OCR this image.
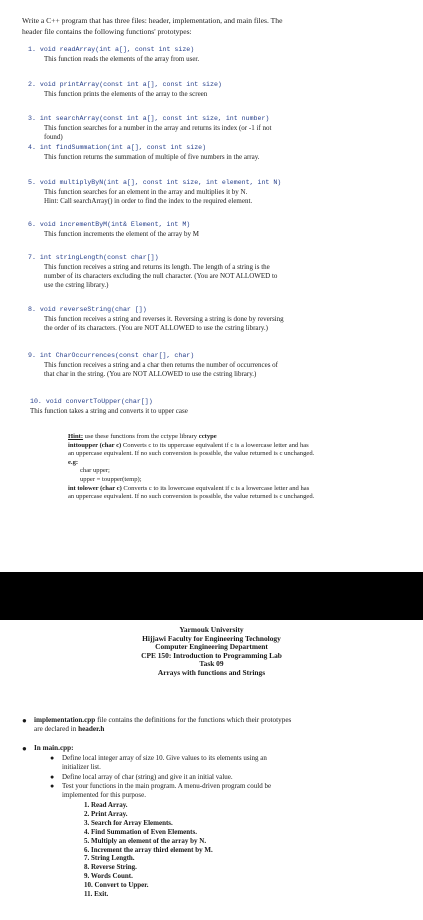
Write a C++ program that has three files: header, implementation, and main files. The
header file contains the following functions' prototypes:
1. void readArray(int a[], const int size)
This function reads the elements of the array from user.
2. void printArray(const int a[], const int size)
This function prints the elements of the array to the screen
3. int searchArray(const int a[], const int size, int number)
This function searches for a number in the array and returns its index (or -1 if not
found)
4. int findSummation(int a[], const int size)
This function returns the summation of multiple of five numbers in the array.
5. void multiplyByN(int a[], const int size, int element, int N)
This function searches for an element in the array and multiplies it by N.
Hint: Call searchArray() in order to find the index to the required element.
6. void incrementByM(int& Element, int M)
This function increments the element of the array by M
7. int stringLength(const char[])
This function receives a string and returns its length. The length of a string is the
number of its characters excluding the null character. (You are NOT ALLOWED to
use the cstring library.)
8. void reverseString(char [])
This function receives a string and reverses it. Reversing a string is done by reversing
the order of its characters. (You are NOT ALLOWED to use the cstring library.)
9. int CharOccurrences(const char[], char)
This function receives a string and a char then returns the number of occurrences of
that char in the string. (You are NOT ALLOWED to use the cstring library.)
10. void convertToUpper(char[])
This function takes a string and converts it to upper case
Hint: use these functions from the cctype library cctype
inttoupper (char c) Converts c to its uppercase equivalent if c is a lowercase letter and has
an uppercase equivalent. If no such conversion is possible, the value returned is c unchanged.
e.g:
char upper;
upper = toupper(temp);
int tolower (char c) Converts c to its lowercase equivalent if c is a lowercase letter and has
an uppercase equivalent. If no such conversion is possible, the value returned is c unchanged.
Yarmouk University
Hijjawi Faculty for Engineering Technology
Computer Engineering Department
CPE 150: Introduction to Programming Lab
Task 09
Arrays with functions and Strings
● implementation.cpp file contains the definitions for the functions which their prototypes
are declared in header.h
● In main.cpp:
● Define local integer array of size 10. Give values to its elements using an
initializer list.
● Define local array of char (string) and give it an initial value.
● Test your functions in the main program. A menu-driven program could be
implemented for this purpose.
1. Read Array.
2. Print Array.
3. Search for Array Elements.
4. Find Summation of Even Elements.
5. Multiply an element of the array by N.
6. Increment the array third element by M.
7. String Length.
8. Reverse String.
9. Words Count.
10. Convert to Upper.
11. Exit.
